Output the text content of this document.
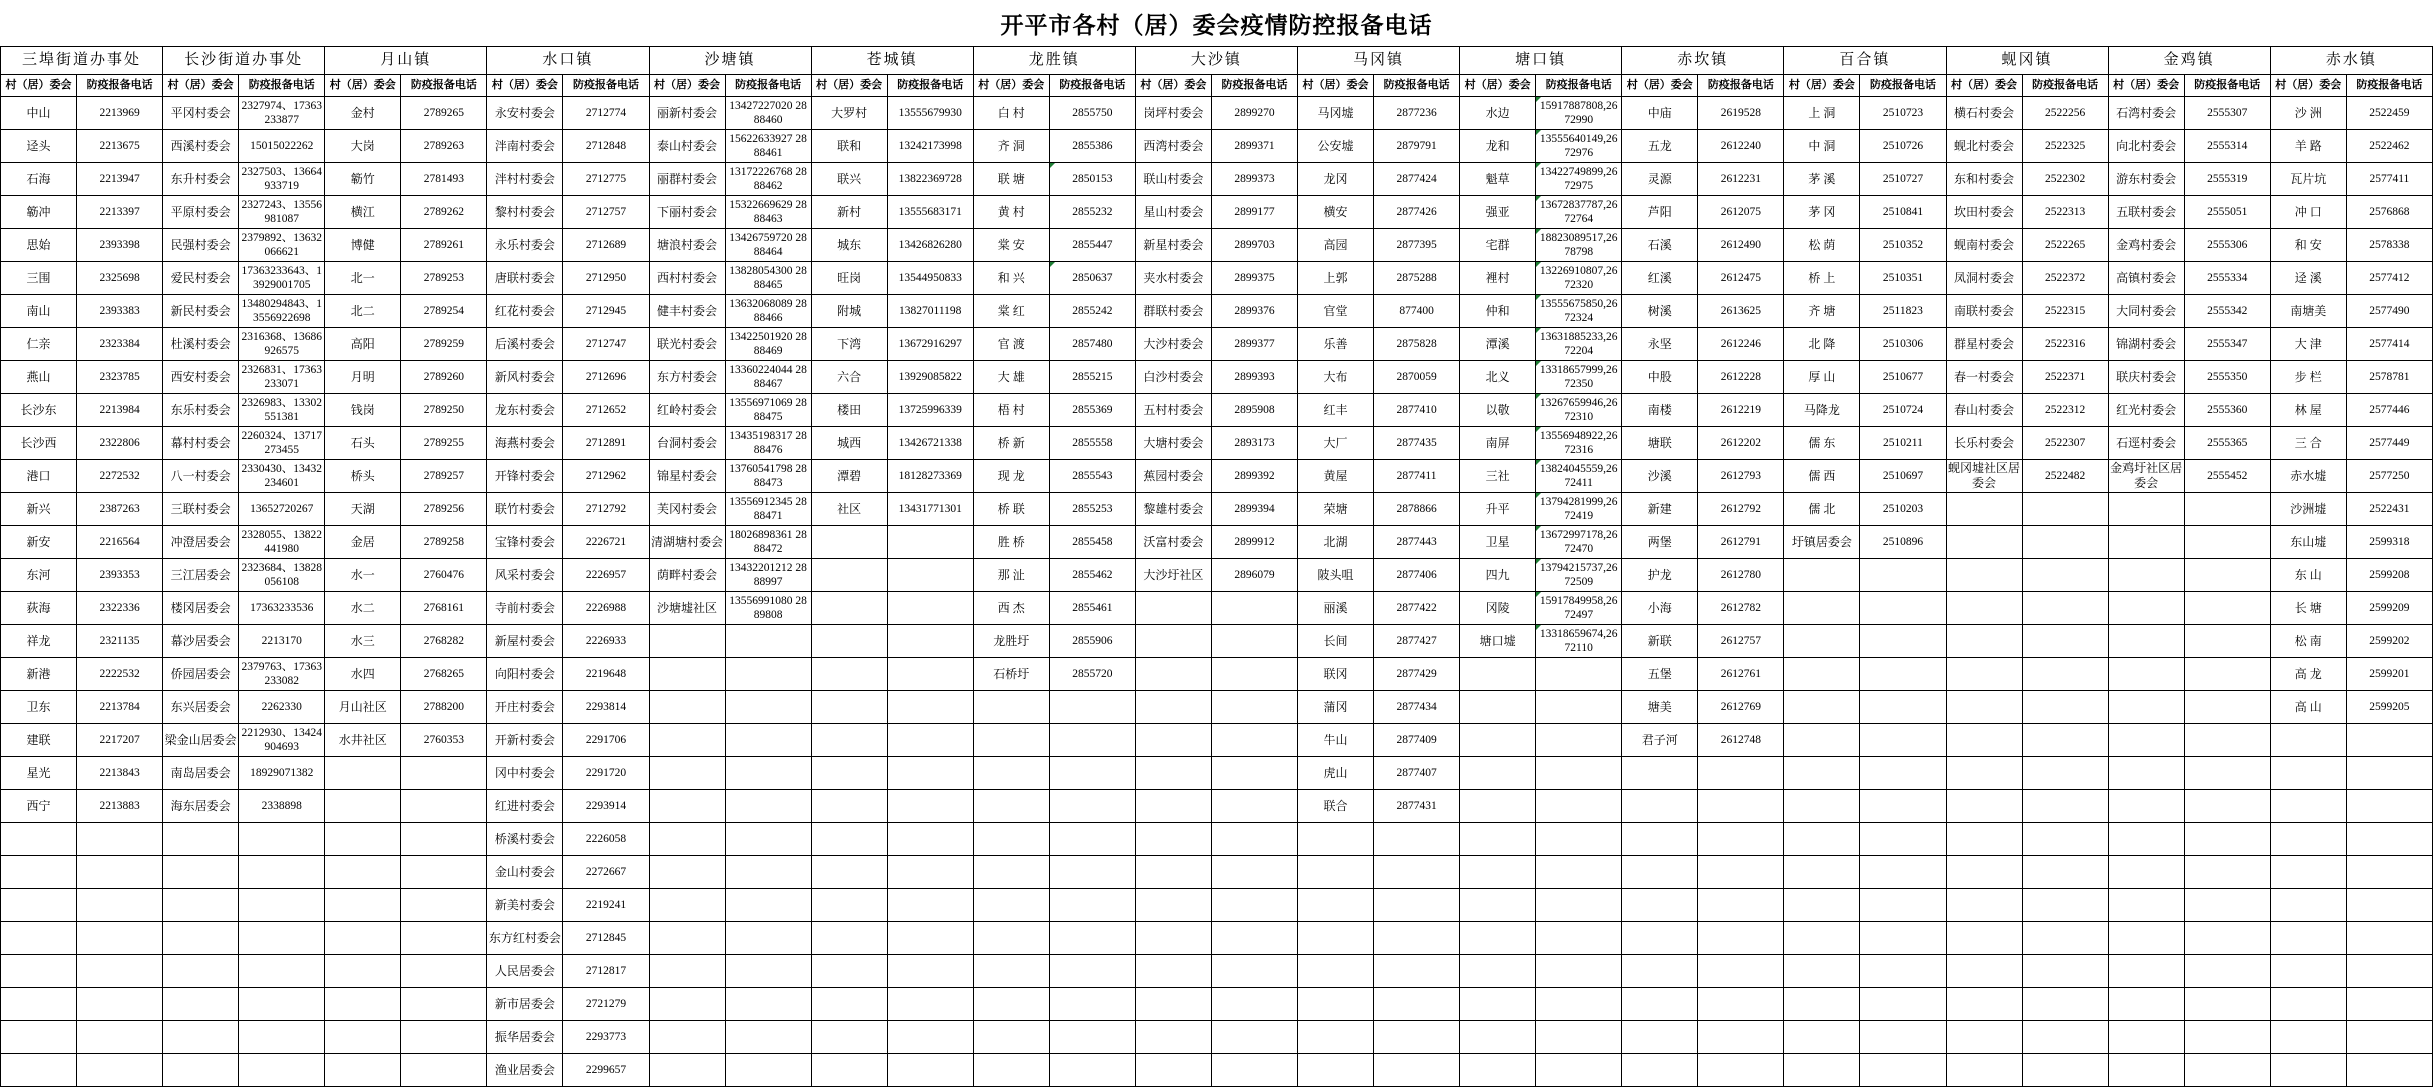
开平市各村（居）委会疫情防控报备电话
三埠街道办事处		长沙街道办事处		月山镇		水口镇		沙塘镇		苍城镇		龙胜镇		大沙镇		马冈镇		塘口镇		赤坎镇		百合镇		蚬冈镇		金鸡镇		赤水镇	
村（居）委会	防疫报备电话	村（居）委会	防疫报备电话	村（居）委会	防疫报备电话	村（居）委会	防疫报备电话	村（居）委会	防疫报备电话	村（居）委会	防疫报备电话	村（居）委会	防疫报备电话	村（居）委会	防疫报备电话	村（居）委会	防疫报备电话	村（居）委会	防疫报备电话	村（居）委会	防疫报备电话	村（居）委会	防疫报备电话	村（居）委会	防疫报备电话	村（居）委会	防疫报备电话	村（居）委会	防疫报备电话
中山	2213969	平冈村委会	2327974、17363233877	金村	2789265	永安村委会	2712774	丽新村委会	13427227020 2888460	大罗村	13555679930	白 村	2855750	岗坪村委会	2899270	马冈墟	2877236	水边	15917887808,2672990	中庙	2619528	上 洞	2510723	横石村委会	2522256	石湾村委会	2555307	沙 洲	2522459
迳头	2213675	西溪村委会	15015022262	大岗	2789263	泮南村委会	2712848	泰山村委会	15622633927 2888461	联和	13242173998	齐 洞	2855386	西湾村委会	2899371	公安墟	2879791	龙和	13555640149,2672976	五龙	2612240	中 洞	2510726	蚬北村委会	2522325	向北村委会	2555314	羊 路	2522462
石海	2213947	东升村委会	2327503、13664933719	簕竹	2781493	泮村村委会	2712775	丽群村委会	13172226768 2888462	联兴	13822369728	联 塘	2850153	联山村委会	2899373	龙冈	2877424	魁草	13422749899,2672975	灵源	2612231	茅 溪	2510727	东和村委会	2522302	游东村委会	2555319	瓦片坑	2577411
簕冲	2213397	平原村委会	2327243、13556981087	横江	2789262	黎村村委会	2712757	下丽村委会	15322669629 2888463	新村	13555683171	黄 村	2855232	星山村委会	2899177	横安	2877426	强亚	13672837787,2672764	芦阳	2612075	茅 冈	2510841	坎田村委会	2522313	五联村委会	2555051	冲 口	2576868
思始	2393398	民强村委会	2379892、13632066621	博健	2789261	永乐村委会	2712689	塘浪村委会	13426759720 2888464	城东	13426826280	棠 安	2855447	新星村委会	2899703	高园	2877395	宅群	18823089517,2678798	石溪	2612490	松 荫	2510352	蚬南村委会	2522265	金鸡村委会	2555306	和 安	2578338
三围	2325698	爱民村委会	17363233643、13929001705	北一	2789253	唐联村委会	2712950	西村村委会	13828054300 2888465	旺岗	13544950833	和 兴	2850637	夹水村委会	2899375	上郭	2875288	裡村	13226910807,2672320	红溪	2612475	桥 上	2510351	凤洞村委会	2522372	高镇村委会	2555334	迳 溪	2577412
南山	2393383	新民村委会	13480294843、13556922698	北二	2789254	红花村委会	2712945	健丰村委会	13632068089 2888466	附城	13827011198	棠 红	2855242	群联村委会	2899376	官堂	877400	仲和	13555675850,2672324	树溪	2613625	齐 塘	2511823	南联村委会	2522315	大同村委会	2555342	南塘美	2577490
仁亲	2323384	杜溪村委会	2316368、13686926575	高阳	2789259	后溪村委会	2712747	联光村委会	13422501920 2888469	下湾	13672916297	官 渡	2857480	大沙村委会	2899377	乐善	2875828	潭溪	13631885233,2672204	永坚	2612246	北 降	2510306	群星村委会	2522316	锦湖村委会	2555347	大 津	2577414
燕山	2323785	西安村委会	2326831、17363233071	月明	2789260	新风村委会	2712696	东方村委会	13360224044 2888467	六合	13929085822	大 雄	2855215	白沙村委会	2899393	大布	2870059	北义	13318657999,2672350	中股	2612228	厚 山	2510677	春一村委会	2522371	联庆村委会	2555350	步 栏	2578781
长沙东	2213984	东乐村委会	2326983、13302551381	钱岗	2789250	龙东村委会	2712652	红岭村委会	13556971069 2888475	楼田	13725996339	梧 村	2855369	五村村委会	2895908	红丰	2877410	以敬	13267659946,2672310	南楼	2612219	马降龙	2510724	春山村委会	2522312	红光村委会	2555360	林 屋	2577446
长沙西	2322806	幕村村委会	2260324、13717273455	石头	2789255	海燕村委会	2712891	台洞村委会	13435198317 2888476	城西	13426721338	桥 新	2855558	大塘村委会	2893173	大厂	2877435	南屏	13556948922,2672316	塘联	2612202	儒 东	2510211	长乐村委会	2522307	石逕村委会	2555365	三 合	2577449
港口	2272532	八一村委会	2330430、13432234601	桥头	2789257	开锋村委会	2712962	锦星村委会	13760541798 2888473	潭碧	18128273369	现 龙	2855543	蕉园村委会	2899392	黄屋	2877411	三社	13824045559,2672411	沙溪	2612793	儒 西	2510697	蚬冈墟社区居委会	2522482	金鸡圩社区居委会	2555452	赤水墟	2577250
新兴	2387263	三联村委会	13652720267	天湖	2789256	联竹村委会	2712792	芙冈村委会	13556912345 2888471	社区	13431771301	桥 联	2855253	黎雄村委会	2899394	荣塘	2878866	升平	13794281999,2672419	新建	2612792	儒 北	2510203					沙洲墟	2522431
新安	2216564	冲澄居委会	2328055、13822441980	金居	2789258	宝锋村委会	2226721	清湖塘村委会	18026898361 2888472			胜 桥	2855458	沃富村委会	2899912	北湖	2877443	卫星	13672997178,2672470	两堡	2612791	圩镇居委会	2510896					东山墟	2599318
东河	2393353	三江居委会	2323684、13828056108	水一	2760476	风采村委会	2226957	荫畔村委会	13432201212 2888997			那 沚	2855462	大沙圩社区	2896079	陂头咀	2877406	四九	13794215737,2672509	护龙	2612780							东 山	2599208
荻海	2322336	楼冈居委会	17363233536	水二	2768161	寺前村委会	2226988	沙塘墟社区	13556991080 2889808			西 杰	2855461			丽溪	2877422	冈陵	15917849958,2672497	小海	2612782							长 塘	2599209
祥龙	2321135	幕沙居委会	2213170	水三	2768282	新屋村委会	2226933					龙胜圩	2855906			长间	2877427	塘口墟	13318659674,2672110	新联	2612757							松 南	2599202
新港	2222532	侨园居委会	2379763、17363233082	水四	2768265	向阳村委会	2219648					石桥圩	2855720			联冈	2877429			五堡	2612761							高 龙	2599201
卫东	2213784	东兴居委会	2262330	月山社区	2788200	开庄村委会	2293814									蒲冈	2877434			塘美	2612769							高 山	2599205
建联	2217207	梁金山居委会	2212930、13424904693	水井社区	2760353	开新村委会	2291706									牛山	2877409			君子河	2612748								
星光	2213843	南岛居委会	18929071382			冈中村委会	2291720									虎山	2877407												
西宁	2213883	海东居委会	2338898			红进村委会	2293914									联合	2877431												
						桥溪村委会	2226058																						
						金山村委会	2272667																						
						新美村委会	2219241																						
						东方红村委会	2712845																						
						人民居委会	2712817																						
						新市居委会	2721279																						
						振华居委会	2293773																						
						渔业居委会	2299657																						
